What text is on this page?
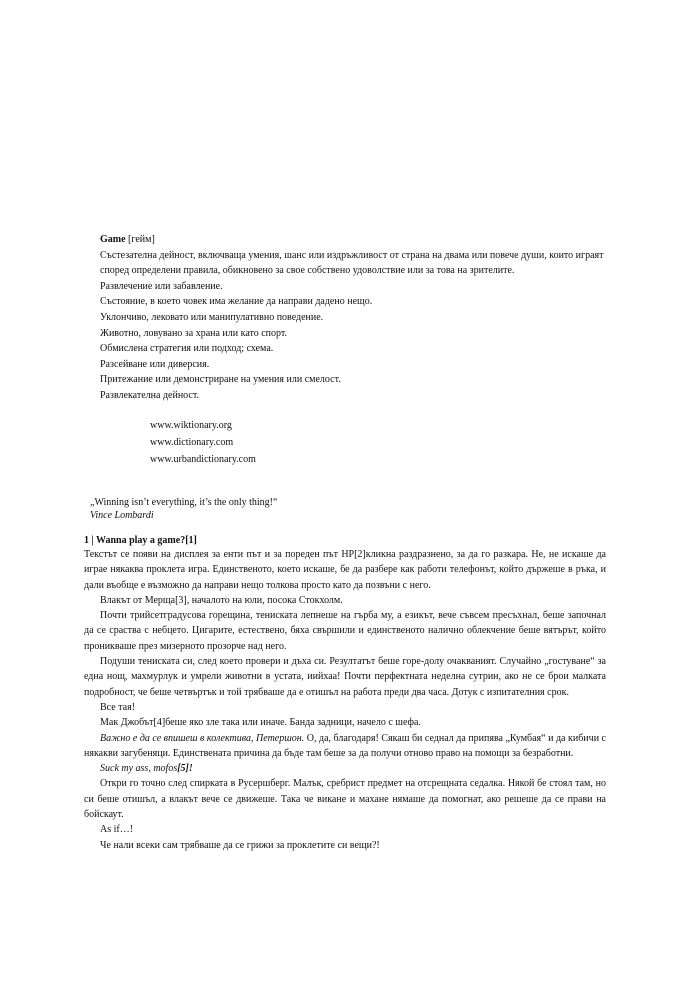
Game [гейм]

Състезателна дейност, включваща умения, шанс или издръжливост от страна на двама или повече души, които играят според определени правила, обикновено за свое собствено удоволствие или за това на зрителите.

Развлечение или забавление.

Състояние, в което човек има желание да направи дадено нещо.

Уклончиво, лековато или манипулативно поведение.

Животно, ловувано за храна или като спорт.

Обмислена стратегия или подход; схема.

Разсейване или диверсия.

Притежание или демонстриране на умения или смелост.

Развлекателна дейност.

www.wiktionary.org
www.dictionary.com
www.urbandictionary.com
„Winning isn’t everything, it’s the only thing!“
Vince Lombardi
1 | Wanna play a game?[1]

Текстът се появи на дисплея за енти път и за пореден път HP[2]кликна раздразнено, за да го разкара. Не, не искаше да играе някаква проклета игра. Единственото, което искаше, бе да разбере как работи телефонът, който държеше в ръка, и дали въобще е възможно да направи нещо толкова просто като да позвъни с него.

Влакът от Мерща[3], началото на юли, посока Стокхолм.

Почти трийсетградусова горещина, тениската лепнеше на гърба му, а езикът, вече съвсем пресъхнал, беше започнал да се сраства с небцето. Цигарите, естествено, бяха свършили и единственото налично облекчение беше вятърът, който проникваше през мизерното прозорче над него.

Подуши тениската си, след което провери и дъха си. Резултатът беше горе-долу очакваният. Случайно „гостуване“ за една нощ, махмурлук и умрели животни в устата, иийхаа! Почти перфектната неделна сутрин, ако не се брои малката подробност, че беше четвъртък и той трябваше да е отишъл на работа преди два часа. Дотук с изпитателния срок.

Все тая!

Мак Джобът[4]беше яко зле така или иначе. Банда задници, начело с шефа.

Важно е да се впишеш в колектива, Петершон. О, да, благодаря! Сякаш би седнал да припява „Кумбая“ и да кибичи с някакви загубеняци. Единствената причина да бъде там беше за да получи отново право на помощи за безработни.

Suck my ass, mofos[5]!

Откри го точно след спирката в Русершберг. Малък, сребрист предмет на отсрещната седалка. Някой бе стоял там, но си беше отишъл, а влакът вече се движеше. Така че викане и махане нямаше да помогнат, ако решеше да се прави на бойскаут.

As if…!

Че нали всеки сам трябваше да се грижи за проклетите си вещи?!
